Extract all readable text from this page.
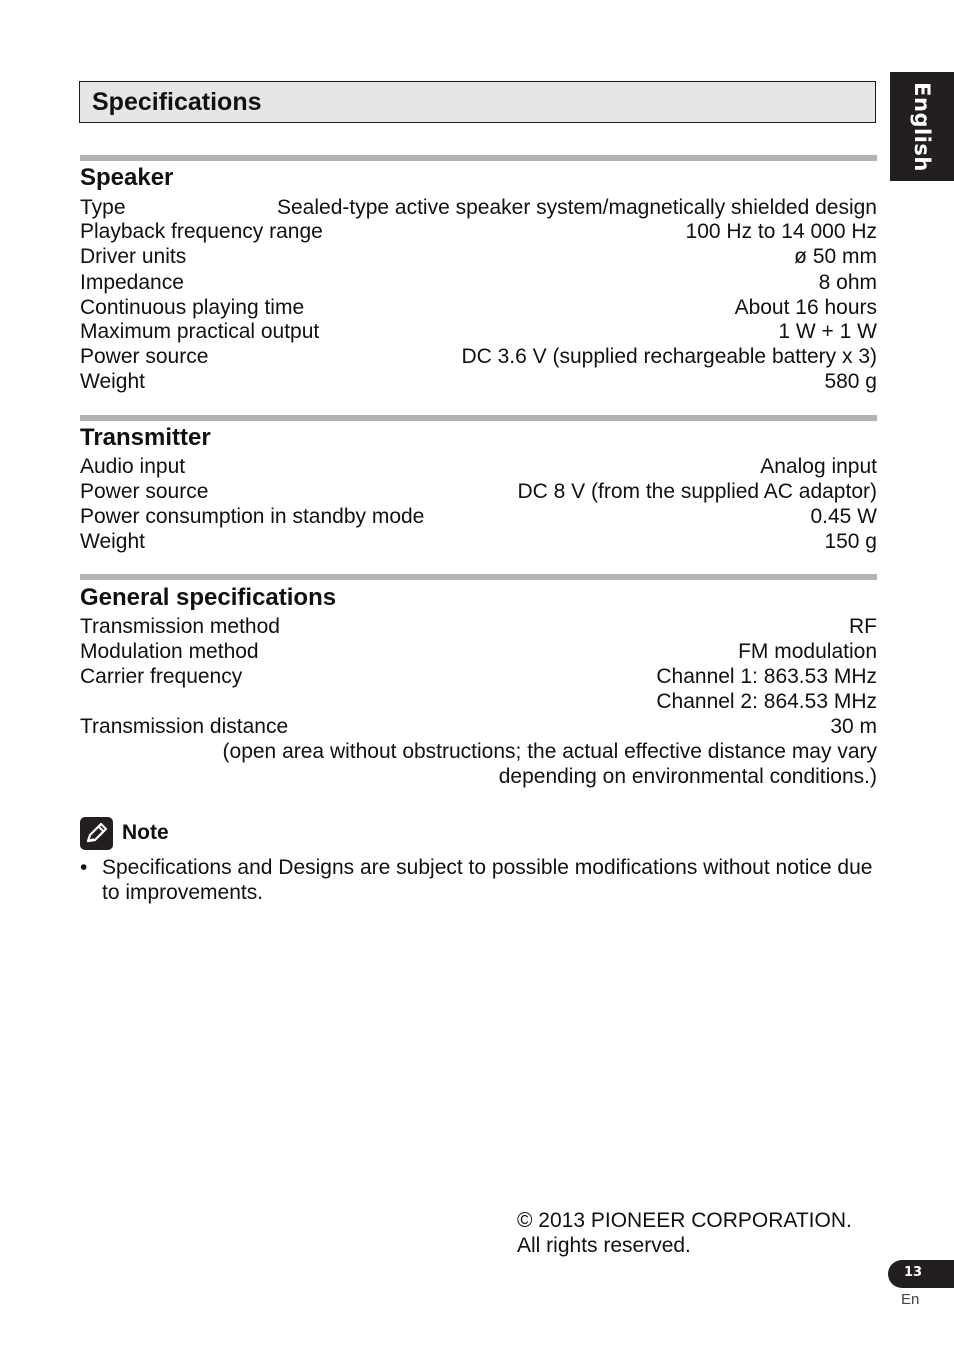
Specifications	English
Speaker
Type	Sealed-type active speaker system/magnetically shielded design
Playback frequency range	100 Hz to 14 000 Hz
Driver units	ø 50 mm
Impedance	8 ohm
Continuous playing time	About 16 hours
Maximum practical output	1 W + 1 W
Power source	DC 3.6 V (supplied rechargeable battery x 3)
Weight	580 g
Transmitter
Audio input	Analog input
Power source	DC 8 V (from the supplied AC adaptor)
Power consumption in standby mode	0.45 W
Weight	150 g
General specifications
Transmission method	RF
Modulation method	FM modulation
Carrier frequency	Channel 1: 863.53 MHz
Channel 2: 864.53 MHz
Transmission distance	30 m
(open area without obstructions; the actual effective distance may vary
depending on environmental conditions.)
Note
• Specifications and Designs are subject to possible modifications without notice due to improvements.
© 2013 PIONEER CORPORATION.
All rights reserved.
13
En
